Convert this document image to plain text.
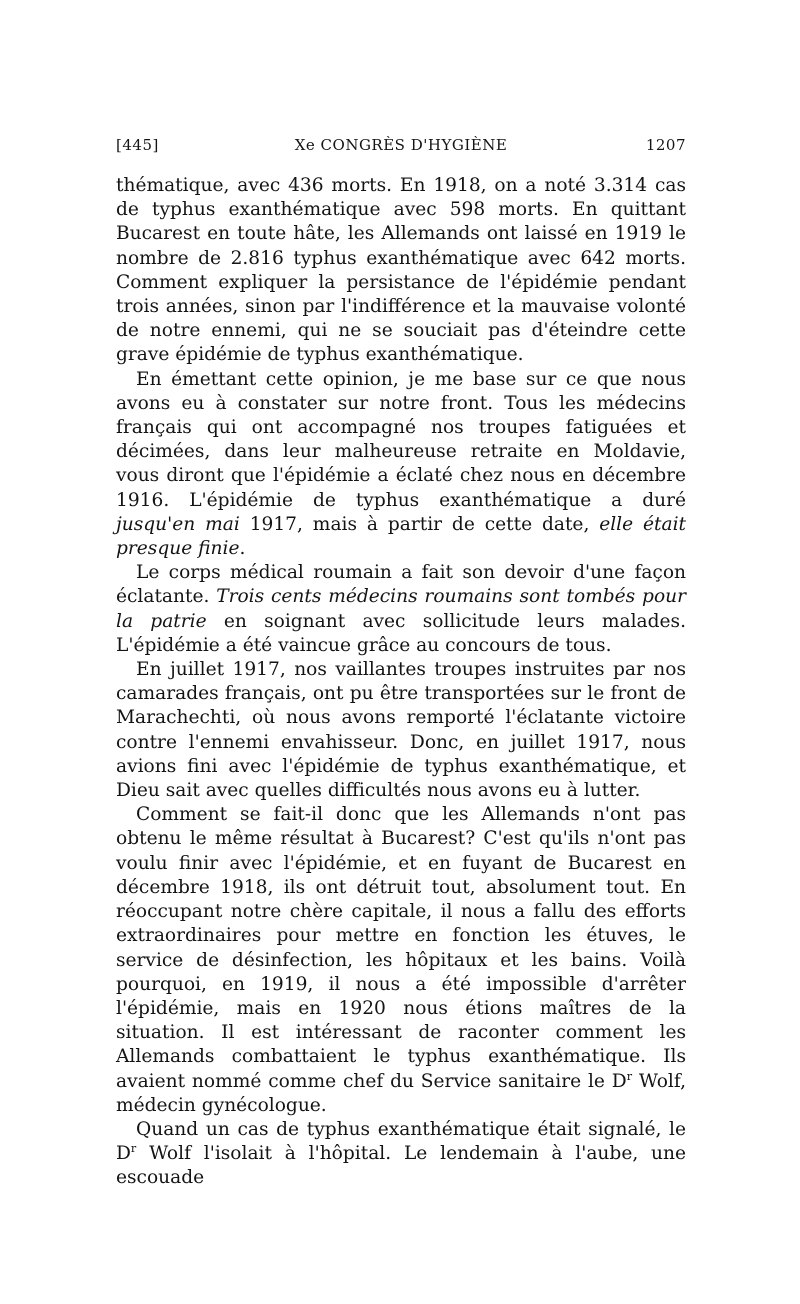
[445]	Xe CONGRÈS D'HYGIÈNE	1207

thématique, avec 436 morts. En 1918, on a noté 3.314 cas de typhus exanthématique avec 598 morts. En quittant Bucarest en toute hâte, les Allemands ont laissé en 1919 le nombre de 2.816 typhus exanthématique avec 642 morts. Comment expliquer la persistance de l'épidémie pendant trois années, sinon par l'indifférence et la mauvaise volonté de notre ennemi, qui ne se souciait pas d'éteindre cette grave épidémie de typhus exanthématique.

En émettant cette opinion, je me base sur ce que nous avons eu à constater sur notre front. Tous les médecins français qui ont accompagné nos troupes fatiguées et décimées, dans leur malheureuse retraite en Moldavie, vous diront que l'épidémie a éclaté chez nous en décembre 1916. L'épidémie de typhus exanthématique a duré jusqu'en mai 1917, mais à partir de cette date, elle était presque finie.

Le corps médical roumain a fait son devoir d'une façon éclatante. Trois cents médecins roumains sont tombés pour la patrie en soignant avec sollicitude leurs malades. L'épidémie a été vaincue grâce au concours de tous.

En juillet 1917, nos vaillantes troupes instruites par nos camarades français, ont pu être transportées sur le front de Marachechti, où nous avons remporté l'éclatante victoire contre l'ennemi envahisseur. Donc, en juillet 1917, nous avions fini avec l'épidémie de typhus exanthématique, et Dieu sait avec quelles difficultés nous avons eu à lutter.

Comment se fait-il donc que les Allemands n'ont pas obtenu le même résultat à Bucarest? C'est qu'ils n'ont pas voulu finir avec l'épidémie, et en fuyant de Bucarest en décembre 1918, ils ont détruit tout, absolument tout. En réoccupant notre chère capitale, il nous a fallu des efforts extraordinaires pour mettre en fonction les étuves, le service de désinfection, les hôpitaux et les bains. Voilà pourquoi, en 1919, il nous a été impossible d'arrêter l'épidémie, mais en 1920 nous étions maîtres de la situation. Il est intéressant de raconter comment les Allemands combattaient le typhus exanthématique. Ils avaient nommé comme chef du Service sanitaire le $D^r$ Wolf, médecin gynécologue.

Quand un cas de typhus exanthématique était signalé, le $D^r$ Wolf l'isolait à l'hôpital. Le lendemain à l'aube, une escouade
